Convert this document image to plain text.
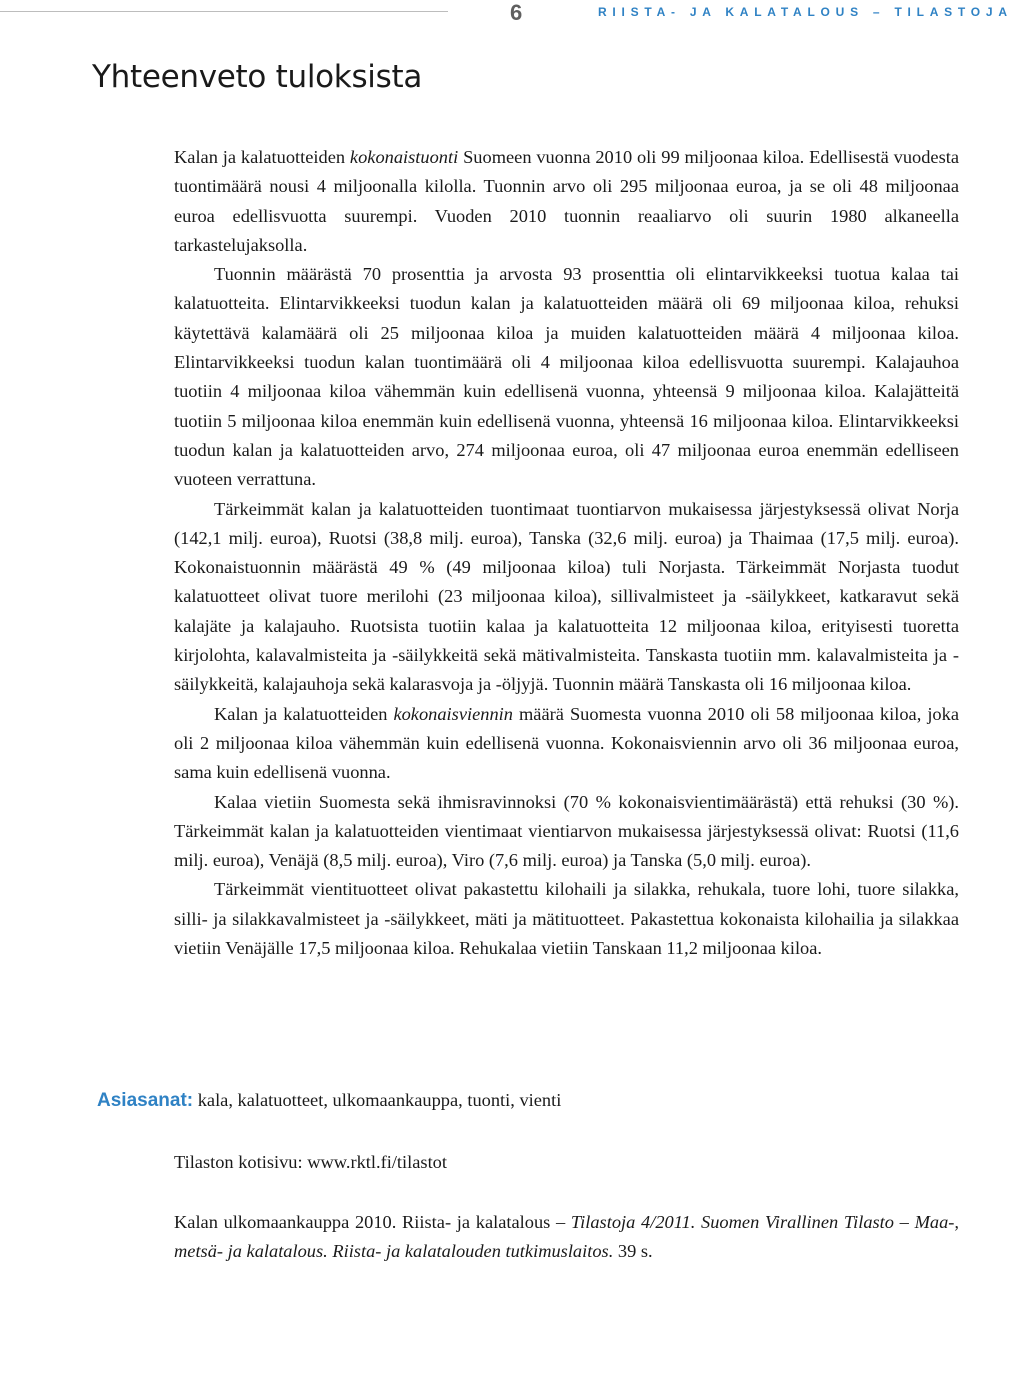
6	RIISTA- JA KALATALOUS – TILASTOJA
Yhteenveto tuloksista

Kalan ja kalatuotteiden kokonaistuonti Suomeen vuonna 2010 oli 99 miljoonaa kiloa. Edellisestä vuodesta tuontimäärä nousi 4 miljoonalla kilolla. Tuonnin arvo oli 295 miljoonaa euroa, ja se oli 48 miljoonaa euroa edellisvuotta suurempi. Vuoden 2010 tuonnin reaaliarvo oli suurin 1980 alkaneella tarkastelujaksolla.

Tuonnin määrästä 70 prosenttia ja arvosta 93 prosenttia oli elintarvikkeeksi tuotua kalaa tai kalatuotteita. Elintarvikkeeksi tuodun kalan ja kalatuotteiden määrä oli 69 miljoonaa kiloa, rehuksi käytettävä kalamäärä oli 25 miljoonaa kiloa ja muiden kalatuotteiden määrä 4 miljoonaa kiloa. Elintarvikkeeksi tuodun kalan tuontimäärä oli 4 miljoonaa kiloa edellisvuotta suurempi. Kalajauhoa tuotiin 4 miljoonaa kiloa vähemmän kuin edellisenä vuonna, yhteensä 9 miljoonaa kiloa. Kalajätteitä tuotiin 5 miljoonaa kiloa enemmän kuin edellisenä vuonna, yhteensä 16 miljoonaa kiloa. Elintarvikkeeksi tuodun kalan ja kalatuotteiden arvo, 274 miljoonaa euroa, oli 47 miljoonaa euroa enemmän edelliseen vuoteen verrattuna.

Tärkeimmät kalan ja kalatuotteiden tuontimaat tuontiarvon mukaisessa järjestyksessä olivat Norja (142,1 milj. euroa), Ruotsi (38,8 milj. euroa), Tanska (32,6 milj. euroa) ja Thaimaa (17,5 milj. euroa). Kokonaistuonnin määrästä 49 % (49 miljoonaa kiloa) tuli Norjasta. Tärkeimmät Norjasta tuodut kalatuotteet olivat tuore merilohi (23 miljoonaa kiloa), sillivalmisteet ja -säilykkeet, katkaravut sekä kalajäte ja kalajauho. Ruotsista tuotiin kalaa ja kalatuotteita 12 miljoonaa kiloa, erityisesti tuoretta kirjolohta, kalavalmisteita ja -säilykkeitä sekä mätivalmisteita. Tanskasta tuotiin mm. kalavalmisteita ja -säilykkeitä, kalajauhoja sekä kalarasvoja ja -öljyjä. Tuonnin määrä Tanskasta oli 16 miljoonaa kiloa.

Kalan ja kalatuotteiden kokonaisviennin määrä Suomesta vuonna 2010 oli 58 miljoonaa kiloa, joka oli 2 miljoonaa kiloa vähemmän kuin edellisenä vuonna. Kokonaisviennin arvo oli 36 miljoonaa euroa, sama kuin edellisenä vuonna.

Kalaa vietiin Suomesta sekä ihmisravinnoksi (70 % kokonaisvientimäärästä) että rehuksi (30 %). Tärkeimmät kalan ja kalatuotteiden vientimaat vientiarvon mukaisessa järjestyksessä olivat: Ruotsi (11,6 milj. euroa), Venäjä (8,5 milj. euroa), Viro (7,6 milj. euroa) ja Tanska (5,0 milj. euroa).

Tärkeimmät vientituotteet olivat pakastettu kilohaili ja silakka, rehukala, tuore lohi, tuore silakka, silli- ja silakkavalmisteet ja -säilykkeet, mäti ja mätituotteet. Pakastettua kokonaista kilohailia ja silakkaa vietiin Venäjälle 17,5 miljoonaa kiloa. Rehukalaa vietiin Tanskaan 11,2 miljoonaa kiloa.

Asiasanat: kala, kalatuotteet, ulkomaankauppa, tuonti, vienti
Tilaston kotisivu: www.rktl.fi/tilastot
Kalan ulkomaankauppa 2010. Riista- ja kalatalous – Tilastoja 4/2011. Suomen Virallinen Tilasto – Maa-, metsä- ja kalatalous. Riista- ja kalatalouden tutkimuslaitos. 39 s.
